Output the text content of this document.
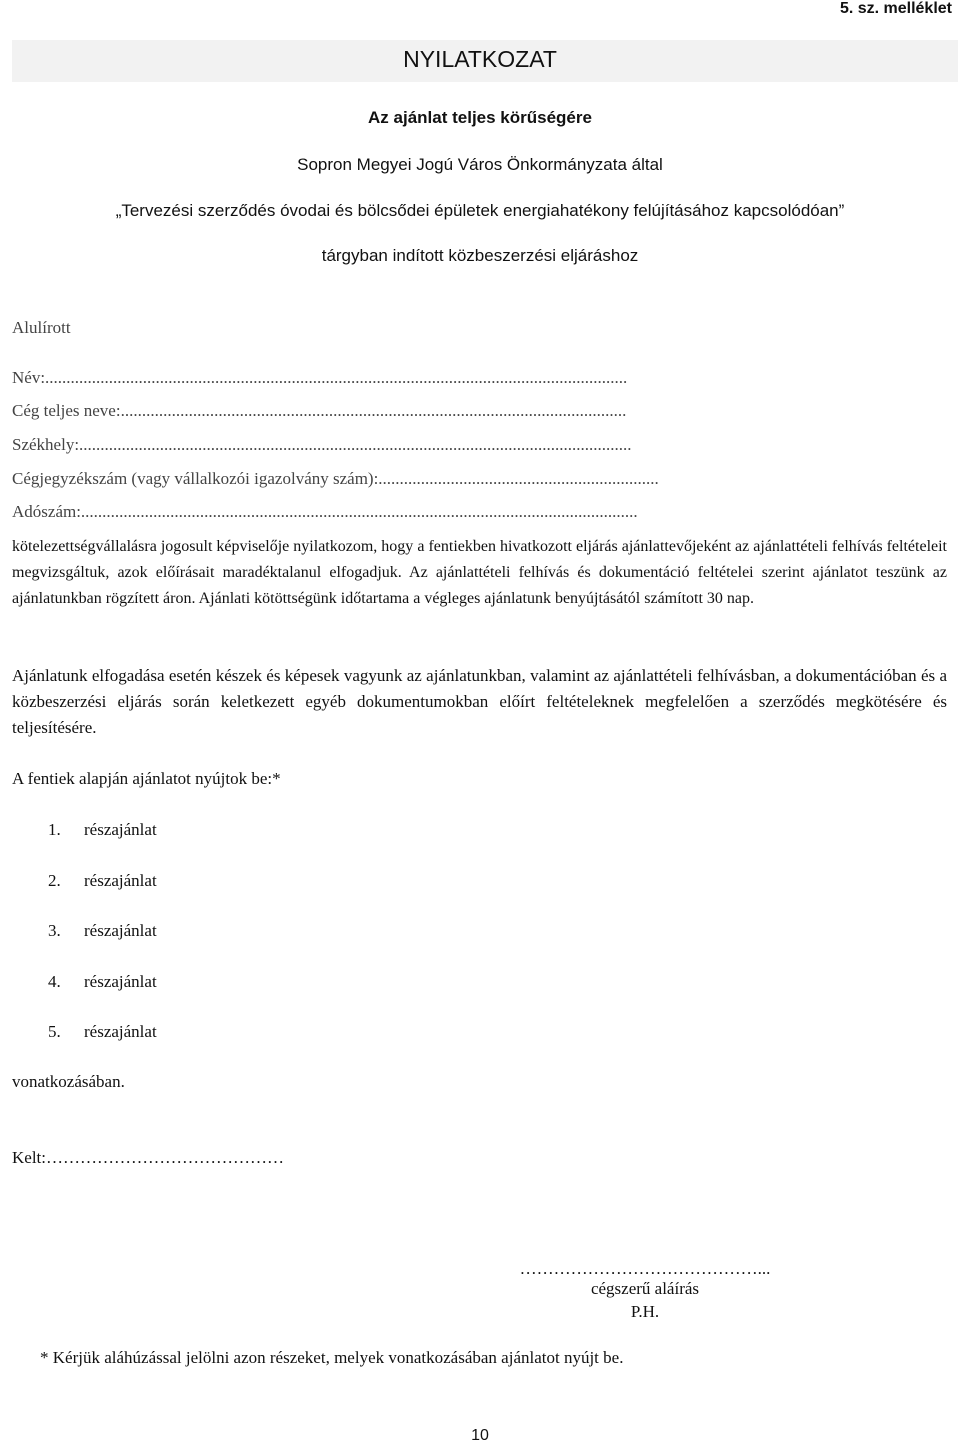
5. sz. melléklet
NYILATKOZAT
Az ajánlat teljes körűségére
Sopron Megyei Jogú Város Önkormányzata által
„Tervezési szerződés óvodai és bölcsődei épületek energiahatékony felújításához kapcsolódóan”
tárgyban indított közbeszerzési eljáráshoz
Alulírott
Név:.........................................................................................................................................
Cég teljes neve:.......................................................................................................................
Székhely:..................................................................................................................................
Cégjegyzékszám (vagy vállalkozói igazolvány szám):..................................................................
Adószám:...................................................................................................................................
kötelezettségvállalásra jogosult képviselője nyilatkozom, hogy a fentiekben hivatkozott eljárás ajánlattevőjeként az ajánlattételi felhívás feltételeit megvizsgáltuk, azok előírásait maradéktalanul elfogadjuk. Az ajánlattételi felhívás és dokumentáció feltételei szerint ajánlatot teszünk az ajánlatunkban rögzített áron. Ajánlati kötöttségünk időtartama a végleges ajánlatunk benyújtásától számított 30 nap.
Ajánlatunk elfogadása esetén készek és képesek vagyunk az ajánlatunkban, valamint az ajánlattételi felhívásban, a dokumentációban és a közbeszerzési eljárás során keletkezett egyéb dokumentumokban előírt feltételeknek megfelelően a szerződés megkötésére és teljesítésére.
A fentiek alapján ajánlatot nyújtok be:*
1. részajánlat
2. részajánlat
3. részajánlat
4. részajánlat
5. részajánlat
vonatkozásában.
Kelt:……………………………………
……………………………………...
cégszerű aláírás
P.H.
* Kérjük aláhúzással jelölni azon részeket, melyek vonatkozásában ajánlatot nyújt be.
10
